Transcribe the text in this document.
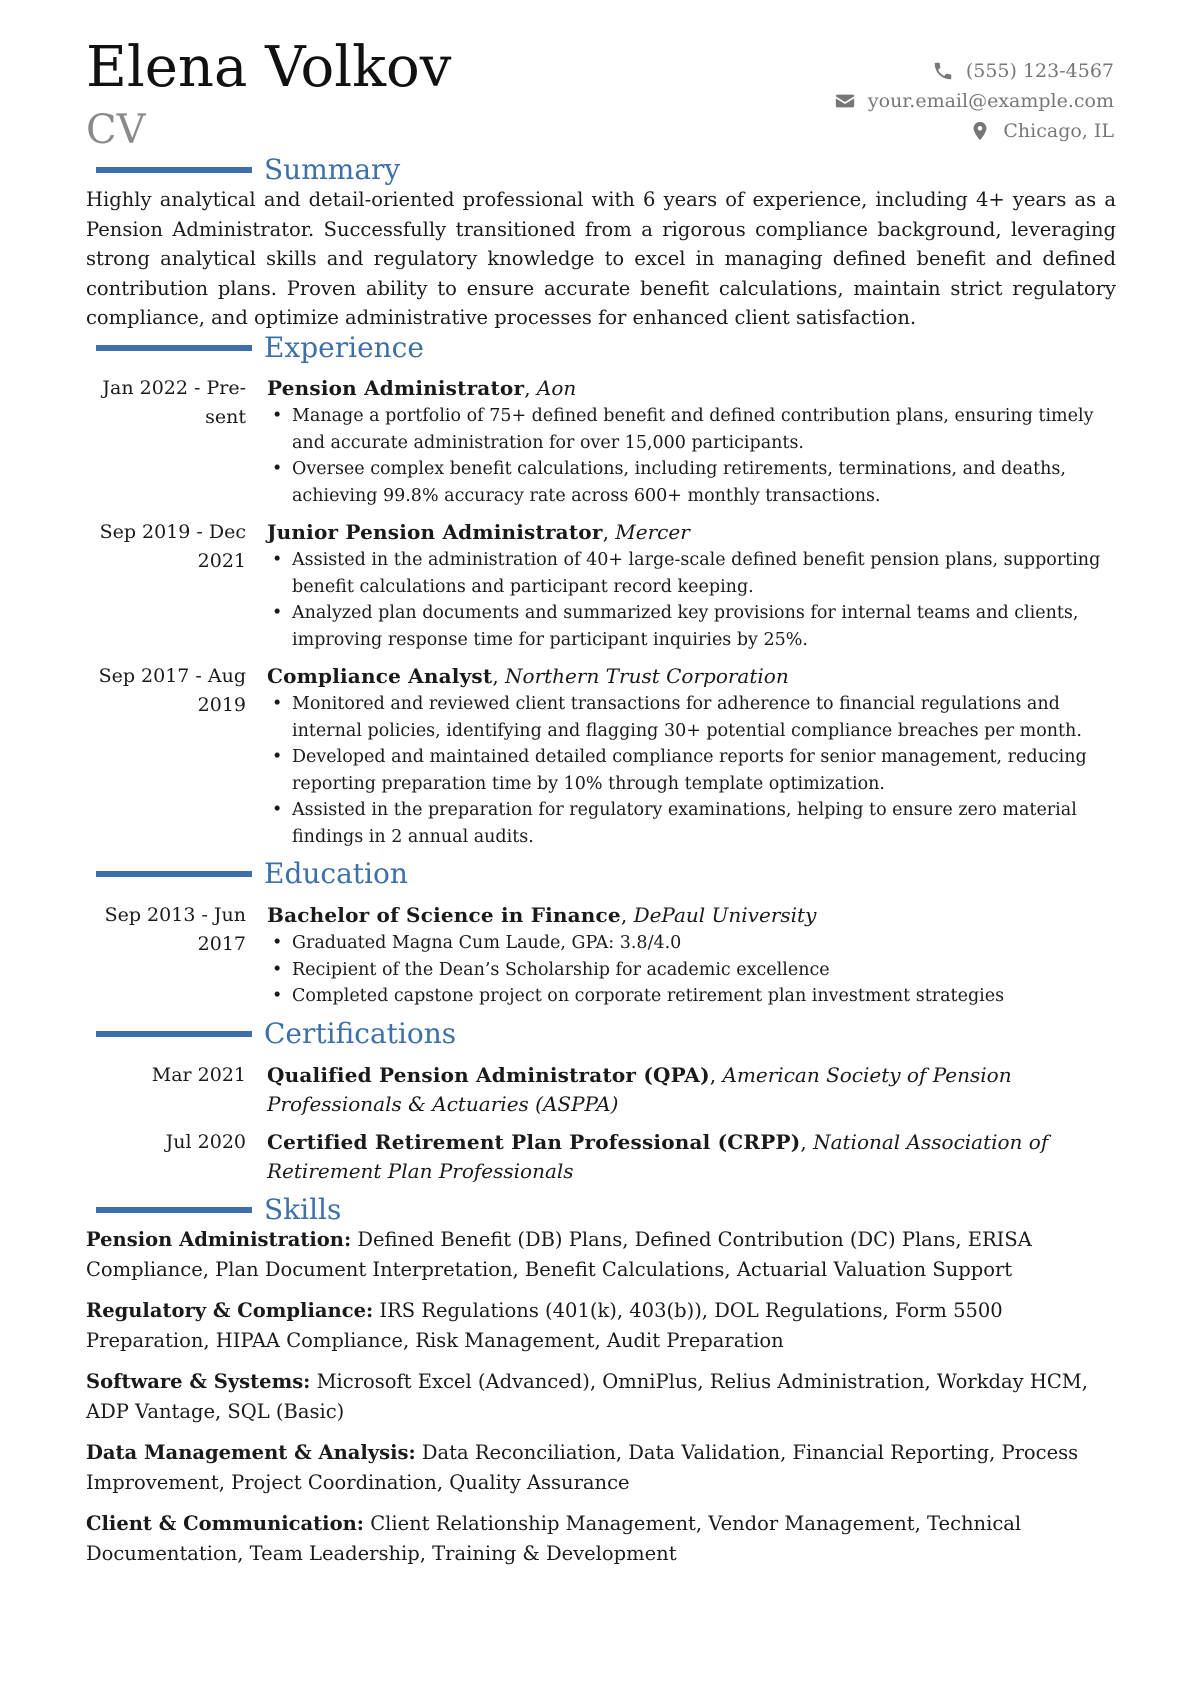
Elena Volkov
CV
(555) 123-4567
your.email@example.com
Chicago, IL
Summary
Highly analytical and detail-oriented professional with 6 years of experience, including 4+ years as a Pension Administrator. Successfully transitioned from a rigorous compliance background, leveraging strong analytical skills and regulatory knowledge to excel in managing defined benefit and defined contribution plans. Proven ability to ensure accurate benefit calculations, maintain strict regulatory compliance, and optimize administrative processes for enhanced client satisfaction.
Experience
Jan 2022 - Pre-
sent
Pension Administrator, Aon
• Manage a portfolio of 75+ defined benefit and defined contribution plans, ensuring timely and accurate administration for over 15,000 participants.
• Oversee complex benefit calculations, including retirements, terminations, and deaths, achieving 99.8% accuracy rate across 600+ monthly transactions.
Sep 2019 - Dec
2021
Junior Pension Administrator, Mercer
• Assisted in the administration of 40+ large-scale defined benefit pension plans, supporting benefit calculations and participant record keeping.
• Analyzed plan documents and summarized key provisions for internal teams and clients, improving response time for participant inquiries by 25%.
Sep 2017 - Aug
2019
Compliance Analyst, Northern Trust Corporation
• Monitored and reviewed client transactions for adherence to financial regulations and internal policies, identifying and flagging 30+ potential compliance breaches per month.
• Developed and maintained detailed compliance reports for senior management, reducing reporting preparation time by 10% through template optimization.
• Assisted in the preparation for regulatory examinations, helping to ensure zero material findings in 2 annual audits.
Education
Sep 2013 - Jun
2017
Bachelor of Science in Finance, DePaul University
• Graduated Magna Cum Laude, GPA: 3.8/4.0
• Recipient of the Dean’s Scholarship for academic excellence
• Completed capstone project on corporate retirement plan investment strategies
Certifications
Mar 2021 Qualified Pension Administrator (QPA), American Society of Pension Professionals & Actuaries (ASPPA)
Jul 2020 Certified Retirement Plan Professional (CRPP), National Association of Retirement Plan Professionals
Skills
Pension Administration: Defined Benefit (DB) Plans, Defined Contribution (DC) Plans, ERISA Compliance, Plan Document Interpretation, Benefit Calculations, Actuarial Valuation Support
Regulatory & Compliance: IRS Regulations (401(k), 403(b)), DOL Regulations, Form 5500 Preparation, HIPAA Compliance, Risk Management, Audit Preparation
Software & Systems: Microsoft Excel (Advanced), OmniPlus, Relius Administration, Workday HCM, ADP Vantage, SQL (Basic)
Data Management & Analysis: Data Reconciliation, Data Validation, Financial Reporting, Process Improvement, Project Coordination, Quality Assurance
Client & Communication: Client Relationship Management, Vendor Management, Technical Documentation, Team Leadership, Training & Development
